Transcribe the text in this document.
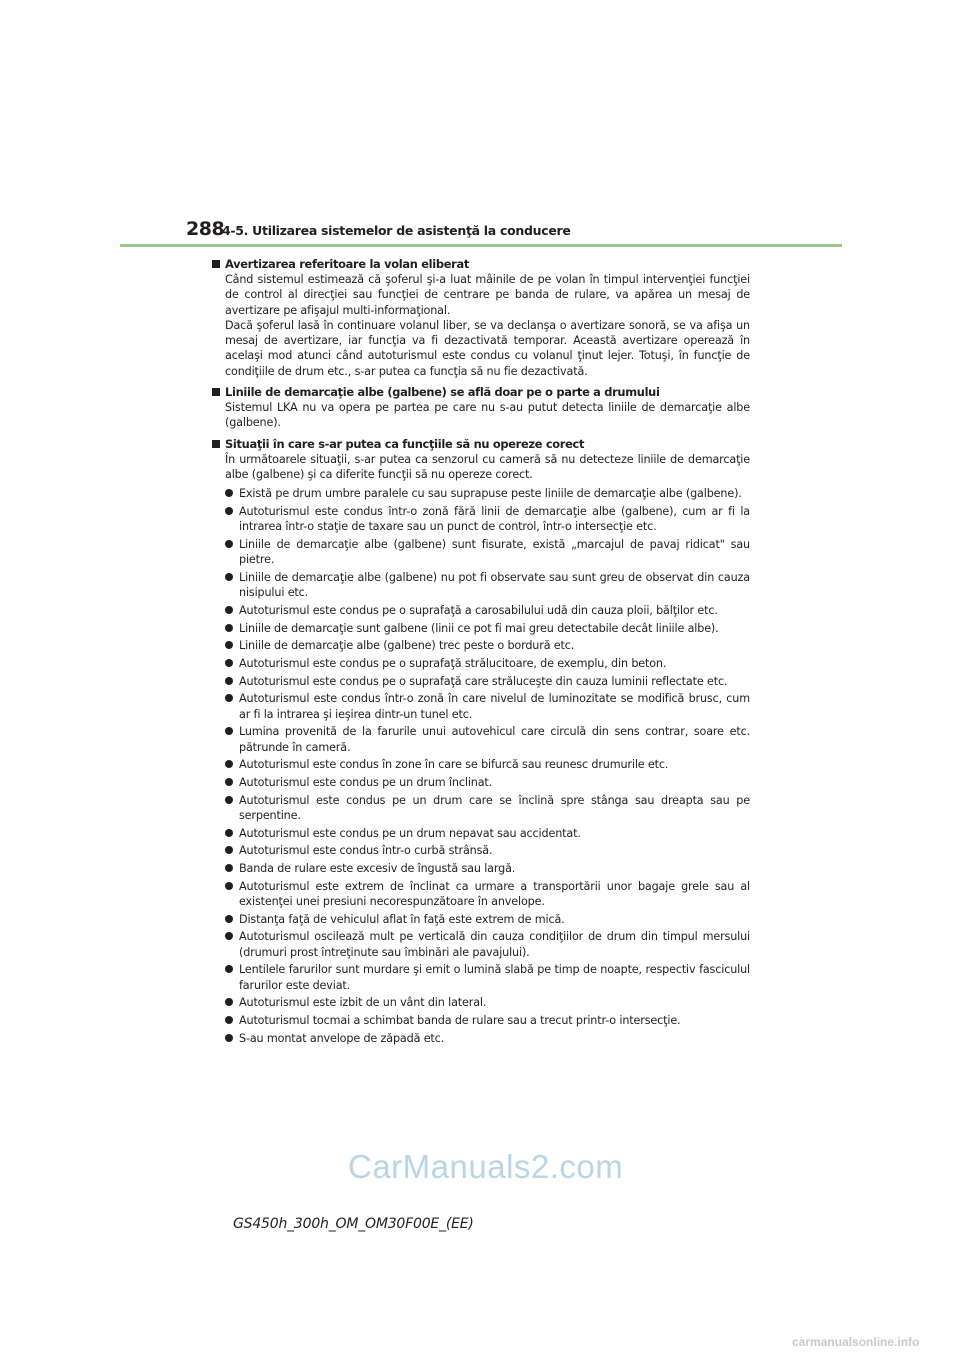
288
4-5. Utilizarea sistemelor de asistenţă la conducere
Avertizarea referitoare la volan eliberat
Când sistemul estimează că şoferul şi-a luat mâinile de pe volan în timpul intervenţiei funcţiei de control al direcţiei sau funcţiei de centrare pe banda de rulare, va apărea un mesaj de avertizare pe afişajul multi-informaţional.
Dacă şoferul lasă în continuare volanul liber, se va declanşa o avertizare sonoră, se va afişa un mesaj de avertizare, iar funcţia va fi dezactivată temporar. Această avertizare operează în acelaşi mod atunci când autoturismul este condus cu volanul ţinut lejer. Totuşi, în funcţie de condiţiile de drum etc., s-ar putea ca funcţia să nu fie dezactivată.
Liniile de demarcaţie albe (galbene) se află doar pe o parte a drumului
Sistemul LKA nu va opera pe partea pe care nu s-au putut detecta liniile de demarcaţie albe (galbene).
Situaţii în care s-ar putea ca funcţiile să nu opereze corect
În următoarele situaţii, s-ar putea ca senzorul cu cameră să nu detecteze liniile de demarcaţie albe (galbene) şi ca diferite funcţii să nu opereze corect.
Există pe drum umbre paralele cu sau suprapuse peste liniile de demarcaţie albe (galbene).
Autoturismul este condus într-o zonă fără linii de demarcaţie albe (galbene), cum ar fi la intrarea într-o staţie de taxare sau un punct de control, într-o intersecţie etc.
Liniile de demarcaţie albe (galbene) sunt fisurate, există „marcajul de pavaj ridicat" sau pietre.
Liniile de demarcaţie albe (galbene) nu pot fi observate sau sunt greu de observat din cauza nisipului etc.
Autoturismul este condus pe o suprafaţă a carosabilului udă din cauza ploii, bălţilor etc.
Liniile de demarcaţie sunt galbene (linii ce pot fi mai greu detectabile decât liniile albe).
Liniile de demarcaţie albe (galbene) trec peste o bordură etc.
Autoturismul este condus pe o suprafaţă strălucitoare, de exemplu, din beton.
Autoturismul este condus pe o suprafaţă care străluceşte din cauza luminii reflectate etc.
Autoturismul este condus într-o zonă în care nivelul de luminozitate se modifică brusc, cum ar fi la intrarea şi ieşirea dintr-un tunel etc.
Lumina provenită de la farurile unui autovehicul care circulă din sens contrar, soare etc. pătrunde în cameră.
Autoturismul este condus în zone în care se bifurcă sau reunesc drumurile etc.
Autoturismul este condus pe un drum înclinat.
Autoturismul este condus pe un drum care se înclină spre stânga sau dreapta sau pe serpentine.
Autoturismul este condus pe un drum nepavat sau accidentat.
Autoturismul este condus într-o curbă strânsă.
Banda de rulare este excesiv de îngustă sau largă.
Autoturismul este extrem de înclinat ca urmare a transportării unor bagaje grele sau al existenţei unei presiuni necorespunzătoare în anvelope.
Distanţa faţă de vehiculul aflat în faţă este extrem de mică.
Autoturismul oscilează mult pe verticală din cauza condiţiilor de drum din timpul mersului (drumuri prost întreţinute sau îmbinări ale pavajului).
Lentilele farurilor sunt murdare şi emit o lumină slabă pe timp de noapte, respectiv fasciculul farurilor este deviat.
Autoturismul este izbit de un vânt din lateral.
Autoturismul tocmai a schimbat banda de rulare sau a trecut printr-o intersecţie.
S-au montat anvelope de zăpadă etc.
CarManuals2.com
GS450h_300h_OM_OM30F00E_(EE)
carmanualsonline.info
